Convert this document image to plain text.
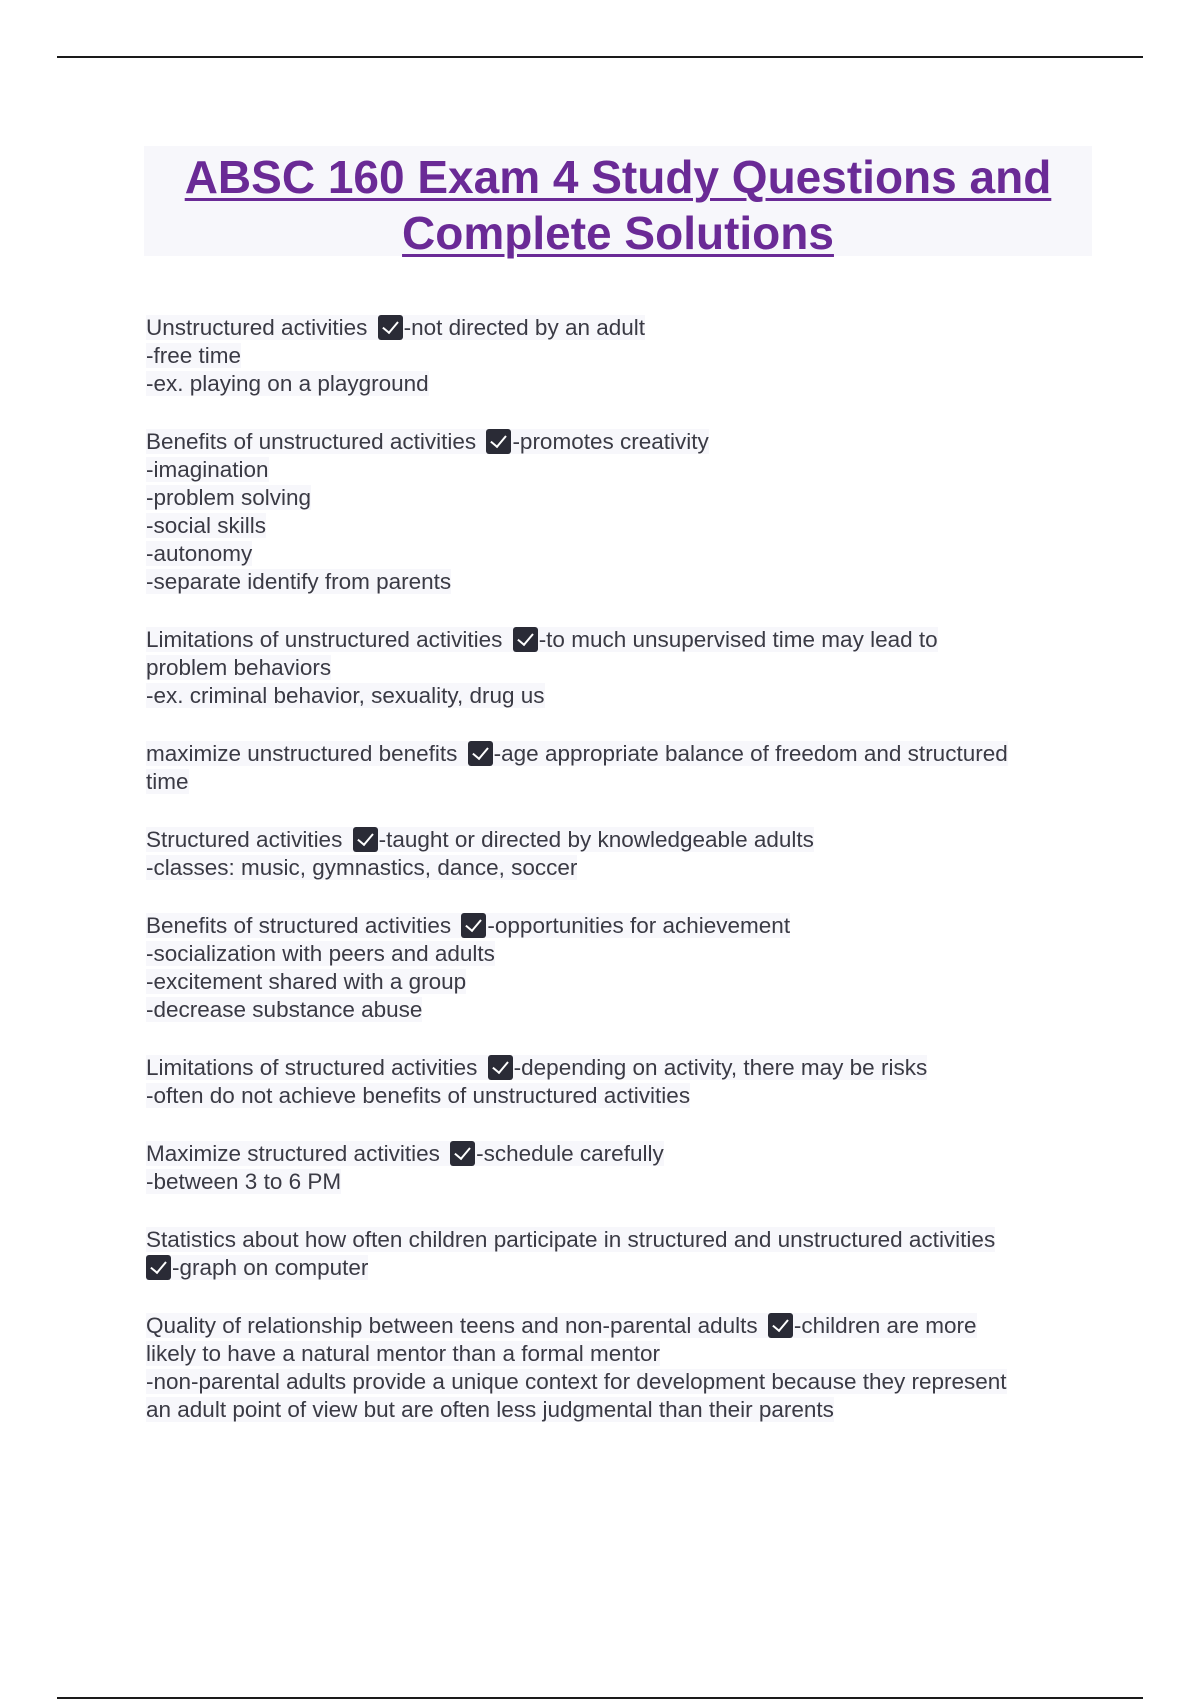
ABSC 160 Exam 4 Study Questions and Complete Solutions
Unstructured activities -not directed by an adult
-free time
-ex. playing on a playground
Benefits of unstructured activities -promotes creativity
-imagination
-problem solving
-social skills
-autonomy
-separate identify from parents
Limitations of unstructured activities -to much unsupervised time may lead to
problem behaviors
-ex. criminal behavior, sexuality, drug us
maximize unstructured benefits -age appropriate balance of freedom and structured
time
Structured activities -taught or directed by knowledgeable adults
-classes: music, gymnastics, dance, soccer
Benefits of structured activities -opportunities for achievement
-socialization with peers and adults
-excitement shared with a group
-decrease substance abuse
Limitations of structured activities -depending on activity, there may be risks
-often do not achieve benefits of unstructured activities
Maximize structured activities -schedule carefully
-between 3 to 6 PM
Statistics about how often children participate in structured and unstructured activities
-graph on computer
Quality of relationship between teens and non-parental adults -children are more
likely to have a natural mentor than a formal mentor
-non-parental adults provide a unique context for development because they represent
an adult point of view but are often less judgmental than their parents
